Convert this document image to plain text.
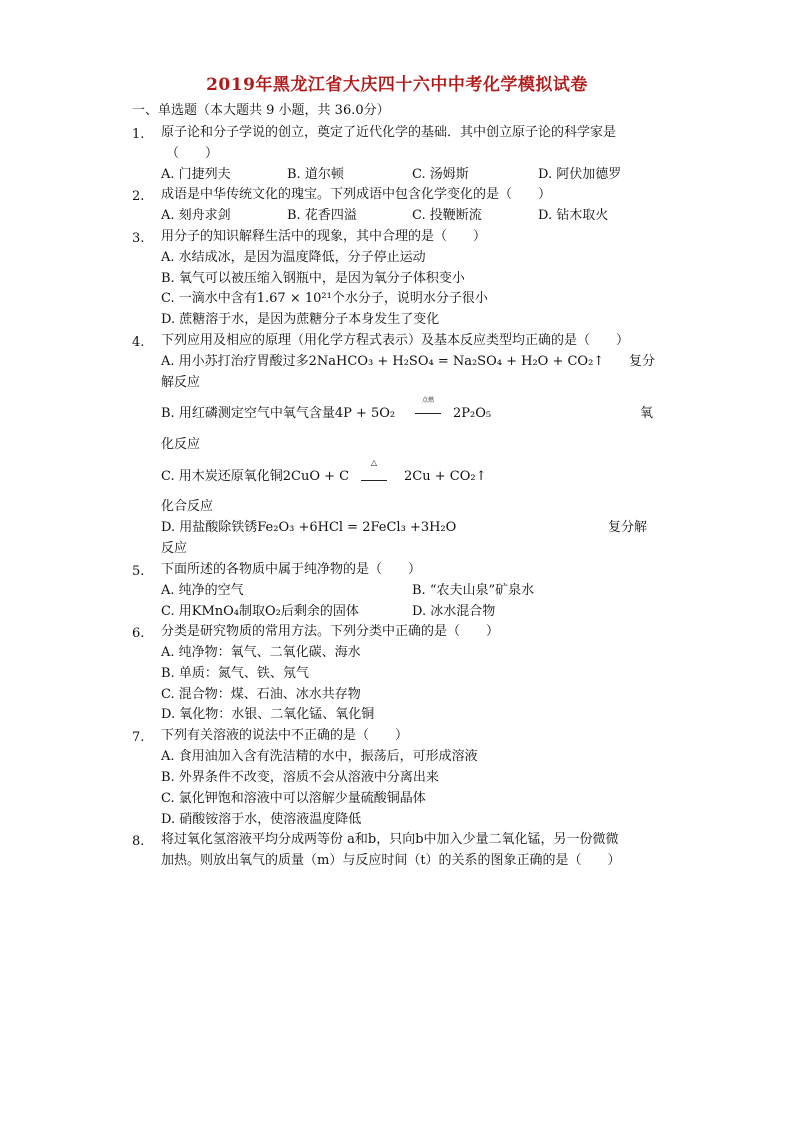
2019年黑龙江省大庆四十六中中考化学模拟试卷
一、单选题（本大题共 9 小题，共 36.0分）
1. 原子论和分子学说的创立，奠定了近代化学的基础．其中创立原子论的科学家是
（　　）
A. 门捷列夫	B. 道尔顿	C. 汤姆斯	D. 阿伏加德罗
2. 成语是中华传统文化的瑰宝。下列成语中包含化学变化的是（　　）
A. 刻舟求剑	B. 花香四溢	C. 投鞭断流	D. 钻木取火
3. 用分子的知识解释生活中的现象，其中合理的是（　　）
A. 水结成冰，是因为温度降低，分子停止运动
B. 氧气可以被压缩入钢瓶中，是因为氧分子体积变小
C. 一滴水中含有1.67 × 10²¹个水分子，说明水分子很小
D. 蔗糖溶于水，是因为蔗糖分子本身发生了变化
4. 下列应用及相应的原理（用化学方程式表示）及基本反应类型均正确的是（　　）
A. 用小苏打治疗胃酸过多2NaHCO₃ + H₂SO₄ = Na₂SO₄ + H₂O + CO₂↑ 复分
解反应
B. 用红磷测定空气中氧气含量4P + 5O₂
点燃
2P₂O₅	氧
化反应
C. 用木炭还原氧化铜2CuO + C
△
2Cu + CO₂↑
化合反应
D. 用盐酸除铁锈Fe₂O₃ +6HCl = 2FeCl₃ +3H₂O	复分解
反应
5. 下面所述的各物质中属于纯净物的是（　　）
A. 纯净的空气	B. “农夫山泉”矿泉水
C. 用KMnO₄制取O₂后剩余的固体	D. 冰水混合物
6. 分类是研究物质的常用方法。下列分类中正确的是（　　）
A. 纯净物：氧气、二氧化碳、海水
B. 单质：氮气、铁、氖气
C. 混合物：煤、石油、冰水共存物
D. 氧化物：水银、二氧化锰、氧化铜
7. 下列有关溶液的说法中不正确的是（　　）
A. 食用油加入含有洗洁精的水中，振荡后，可形成溶液
B. 外界条件不改变，溶质不会从溶液中分离出来
C. 氯化钾饱和溶液中可以溶解少量硫酸铜晶体
D. 硝酸铵溶于水，使溶液温度降低
8. 将过氧化氢溶液平均分成两等份 a和b，只向b中加入少量二氧化锰，另一份微微
加热。则放出氧气的质量（m）与反应时间（t）的关系的图象正确的是（　　）
